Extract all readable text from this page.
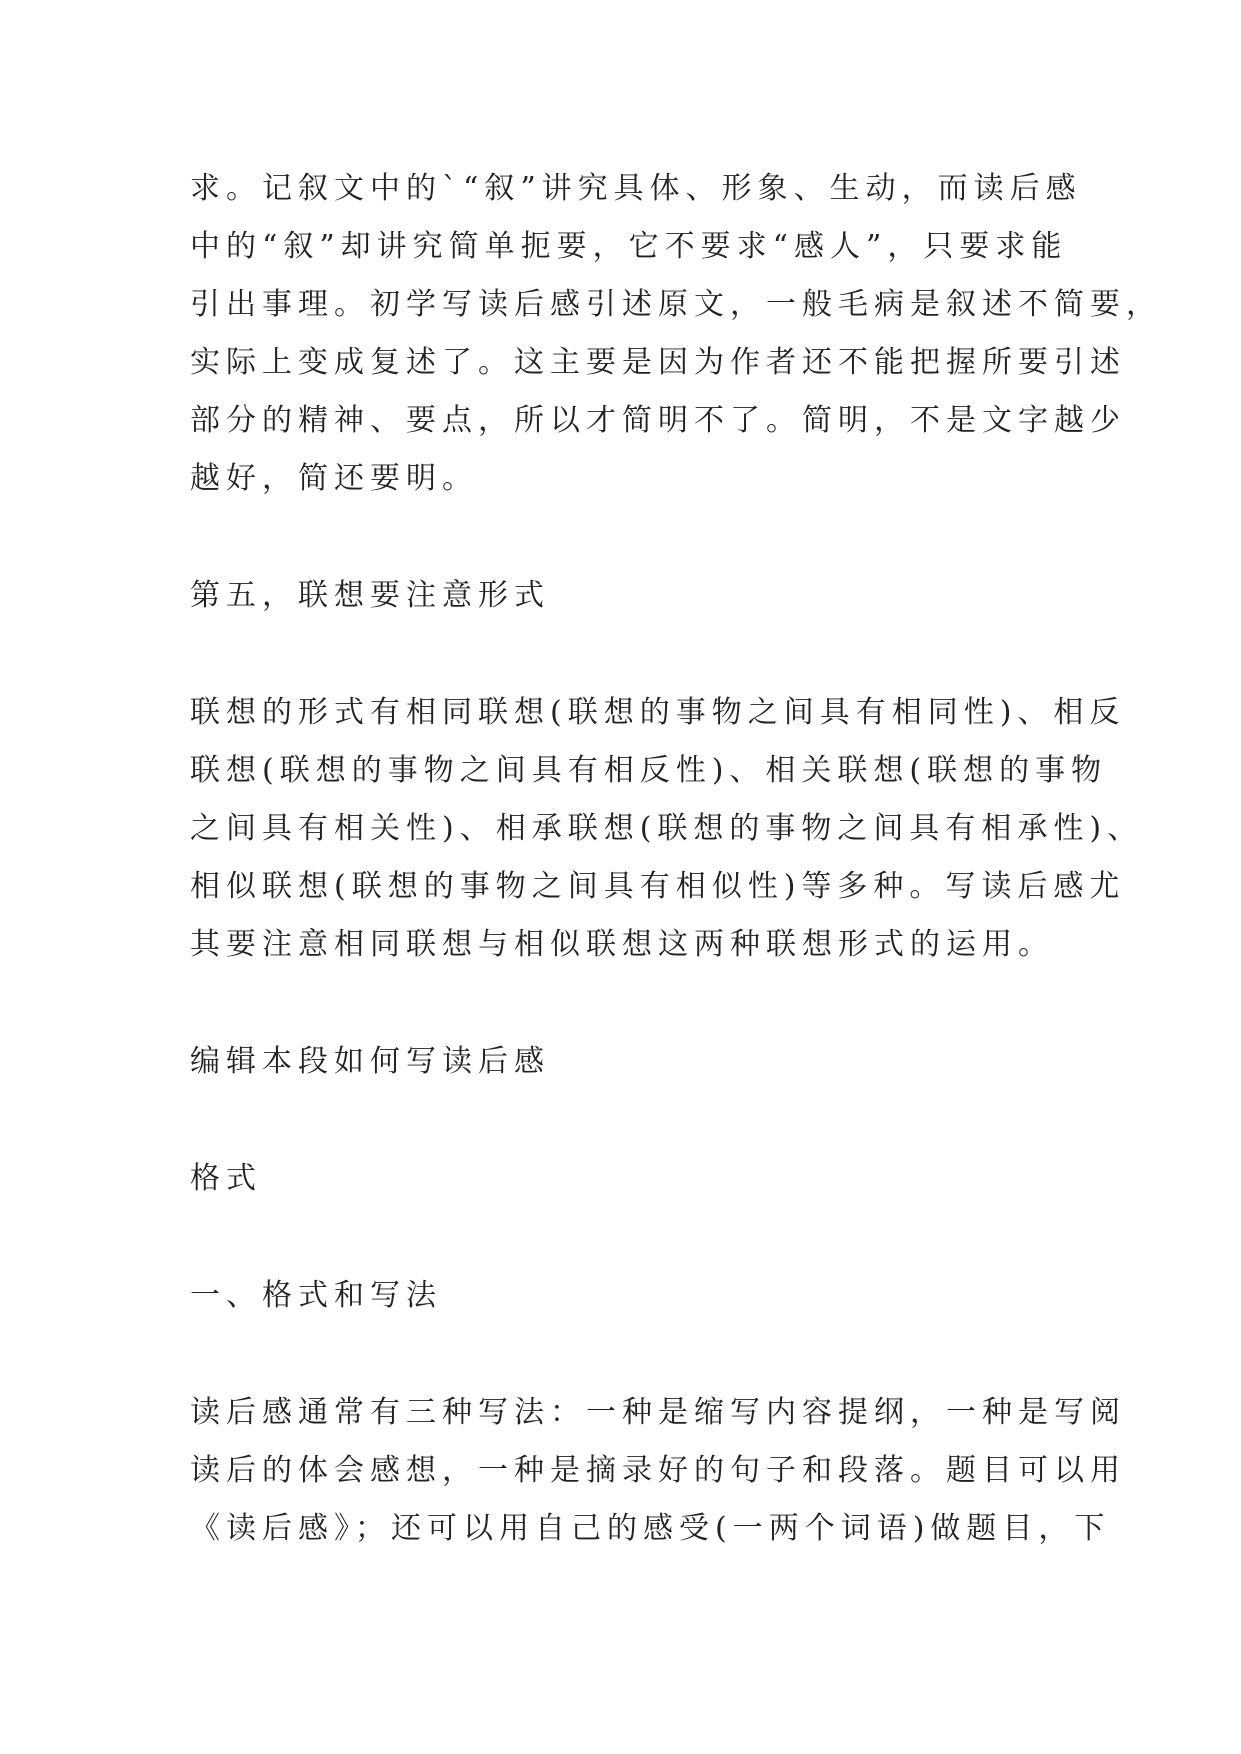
求。记叙文中的`“叙”讲究具体、形象、生动，而读后感
中的“叙”却讲究简单扼要，它不要求“感人”，只要求能
引出事理。初学写读后感引述原文，一般毛病是叙述不简要，
实际上变成复述了。这主要是因为作者还不能把握所要引述
部分的精神、要点，所以才简明不了。简明，不是文字越少
越好，简还要明。
第五，联想要注意形式
联想的形式有相同联想(联想的事物之间具有相同性)、相反
联想(联想的事物之间具有相反性)、相关联想(联想的事物
之间具有相关性)、相承联想(联想的事物之间具有相承性)、
相似联想(联想的事物之间具有相似性)等多种。写读后感尤
其要注意相同联想与相似联想这两种联想形式的运用。
编辑本段如何写读后感
格式
一、格式和写法
读后感通常有三种写法：一种是缩写内容提纲，一种是写阅
读后的体会感想，一种是摘录好的句子和段落。题目可以用
《读后感》；还可以用自己的感受(一两个词语)做题目，下
